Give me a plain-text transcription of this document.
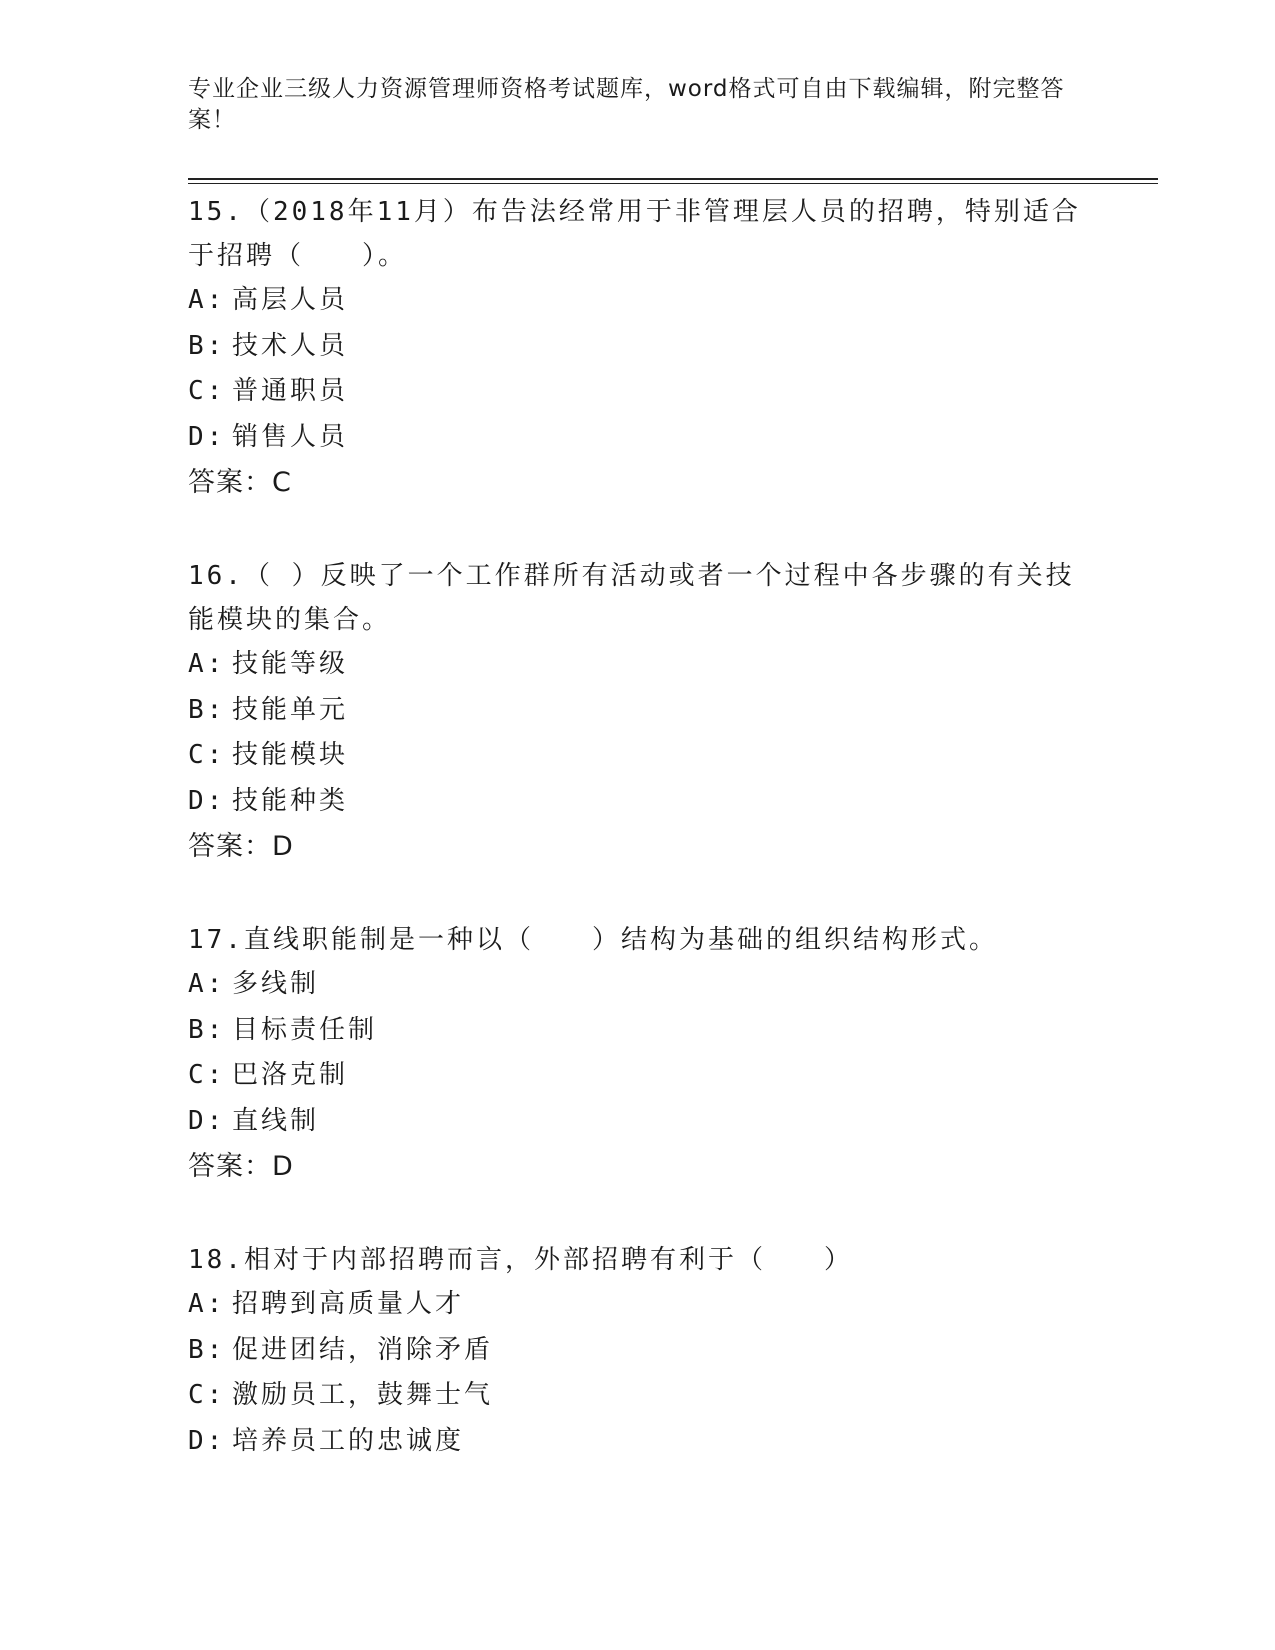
专业企业三级人力资源管理师资格考试题库，word格式可自由下载编辑，附完整答案！

15.（2018年11月）布告法经常用于非管理层人员的招聘，特别适合于招聘（　　）。

A: 高层人员

B: 技术人员

C: 普通职员

D: 销售人员

答案： C

16.（ ）反映了一个工作群所有活动或者一个过程中各步骤的有关技能模块的集合。

A: 技能等级

B: 技能单元

C: 技能模块

D: 技能种类

答案： D

17.直线职能制是一种以（　　）结构为基础的组织结构形式。

A: 多线制

B: 目标责任制

C: 巴洛克制

D: 直线制

答案： D

18.相对于内部招聘而言，外部招聘有利于（　　）

A: 招聘到高质量人才

B: 促进团结，消除矛盾

C: 激励员工，鼓舞士气

D: 培养员工的忠诚度
